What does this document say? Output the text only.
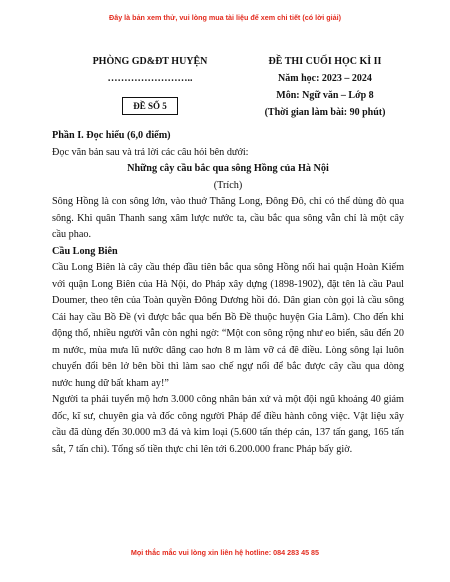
Đây là bản xem thử, vui lòng mua tài liệu để xem chi tiết (có lời giải)
PHÒNG GD&ĐT HUYỆN
……………………..
ĐỀ SỐ 5
ĐỀ THI CUỐI HỌC KÌ II
Năm học: 2023 – 2024
Môn: Ngữ văn – Lớp 8
(Thời gian làm bài: 90 phút)

Phần I. Đọc hiểu (6,0 điểm)

Đọc văn bản sau và trả lời các câu hỏi bên dưới:

Những cây cầu bắc qua sông Hồng của Hà Nội

(Trích)

Sông Hồng là con sông lớn, vào thuở Thăng Long, Đông Đô, chỉ có thể dùng đò qua sông. Khi quân Thanh sang xâm lược nước ta, cầu bắc qua sông vẫn chỉ là một cây cầu phao.

Cầu Long Biên

Cầu Long Biên là cây cầu thép đầu tiên bắc qua sông Hồng nối hai quận Hoàn Kiếm với quận Long Biên của Hà Nội, do Pháp xây dựng (1898-1902), đặt tên là cầu Paul Doumer, theo tên của Toàn quyền Đông Dương hồi đó. Dân gian còn gọi là cầu sông Cái hay cầu Bồ Đề (vì được bắc qua bến Bồ Đề thuộc huyện Gia Lâm). Cho đến khi động thổ, nhiều người vẫn còn nghi ngờ: “Một con sông rộng như eo biển, sâu đến 20 m nước, mùa mưa lũ nước dâng cao hơn 8 m làm vỡ cả đê điều. Lòng sông lại luôn chuyển đổi bên lở bên bồi thì làm sao chế ngự nổi để bắc được cây cầu qua dòng nước hung dữ bất kham ay!”

Người ta phải tuyển mộ hơn 3.000 công nhân bản xứ và một đội ngũ khoảng 40 giám đốc, kĩ sư, chuyên gia và đốc công người Pháp để điều hành công việc. Vật liệu xây cầu đã dùng đến 30.000 m3 đá và kim loại (5.600 tấn thép cán, 137 tấn gang, 165 tấn sắt, 7 tấn chì). Tổng số tiền thực chi lên tới 6.200.000 franc Pháp bấy giờ.

Mọi thắc mắc vui lòng xin liên hệ hotline: 084 283 45 85
